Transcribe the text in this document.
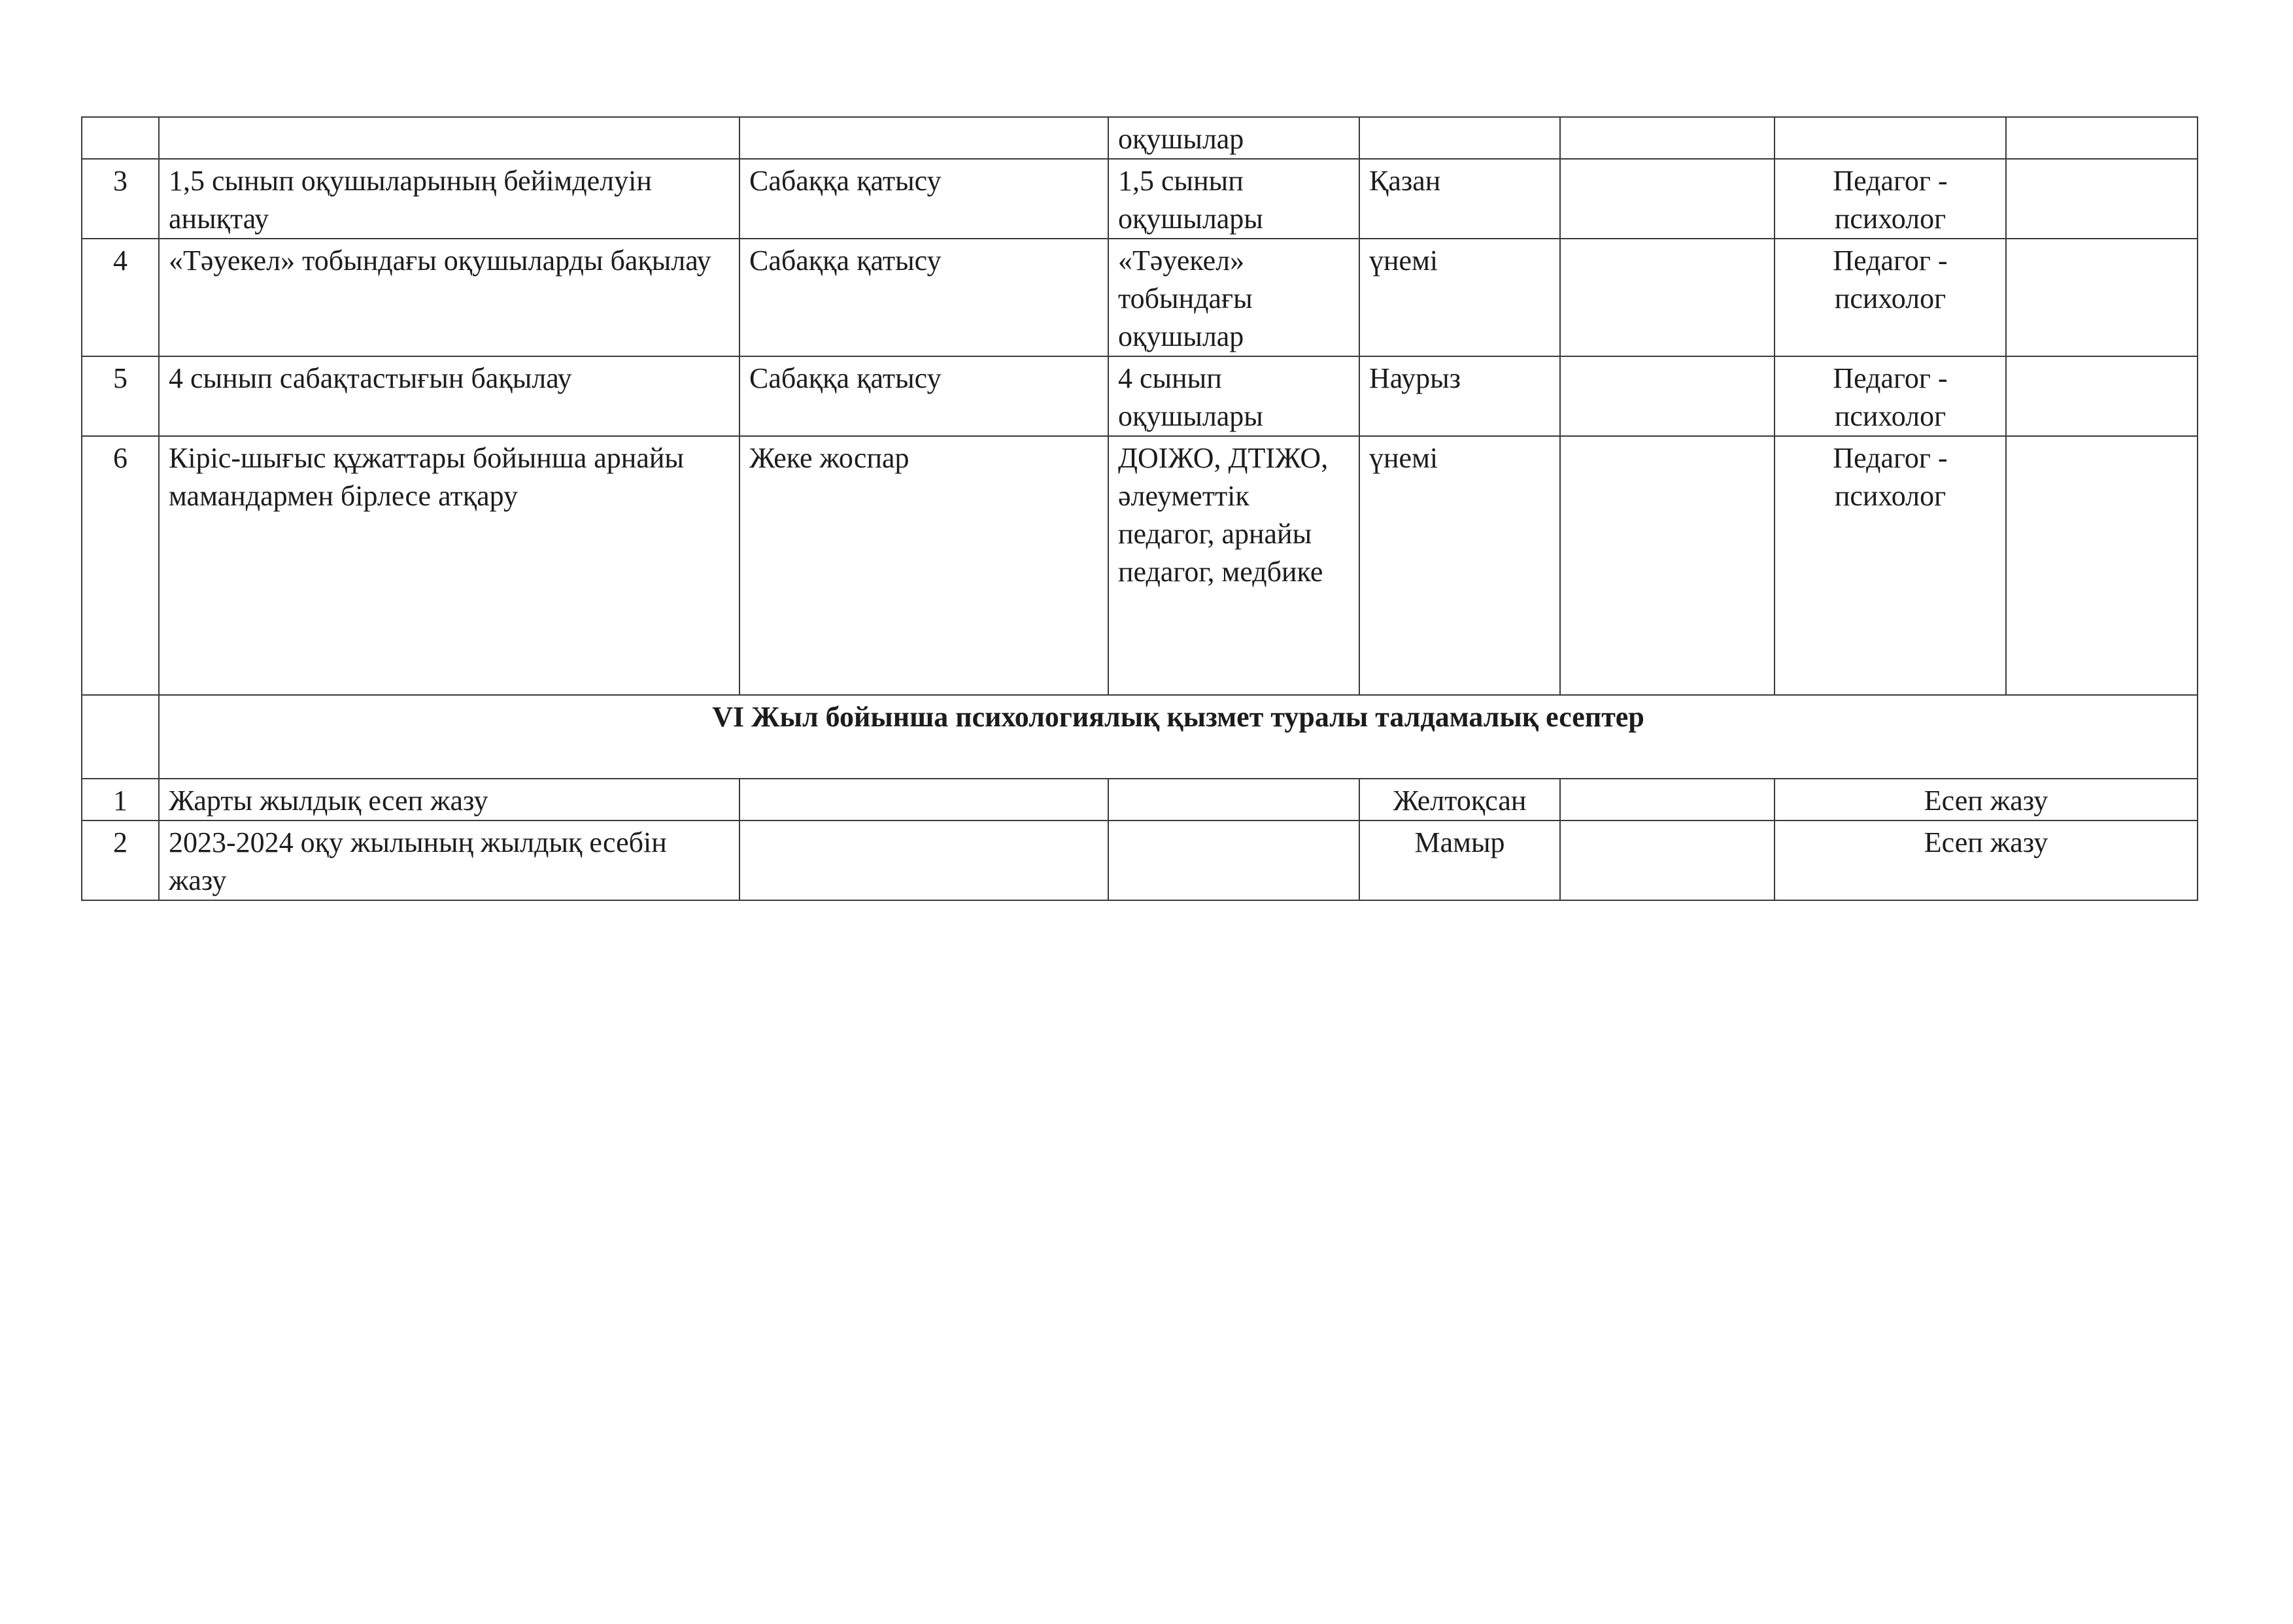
			оқушылар				
3	1,5 сынып оқушыларының бейімделуін анықтау	Сабаққа қатысу	1,5 сынып оқушылары	Қазан		Педагог - психолог	
4	«Тәуекел» тобындағы оқушыларды бақылау	Сабаққа қатысу	«Тәуекел» тобындағы оқушылар	үнемі		Педагог - психолог	
5	4 сынып сабақтастығын бақылау	Сабаққа қатысу	4 сынып оқушылары	Наурыз		Педагог - психолог	
6	Кіріс-шығыс құжаттары бойынша арнайы мамандармен бірлесе атқару	Жеке жоспар	ДОІЖО, ДТІЖО, әлеуметтік педагог, арнайы педагог, медбике	үнемі		Педагог - психолог	
	VI Жыл бойынша психологиялық қызмет туралы талдамалық есептер						
1	Жарты жылдық есеп жазу			Желтоқсан		Есеп жазу	
2	2023-2024 оқу жылының жылдық есебін жазу			Мамыр		Есеп жазу	
